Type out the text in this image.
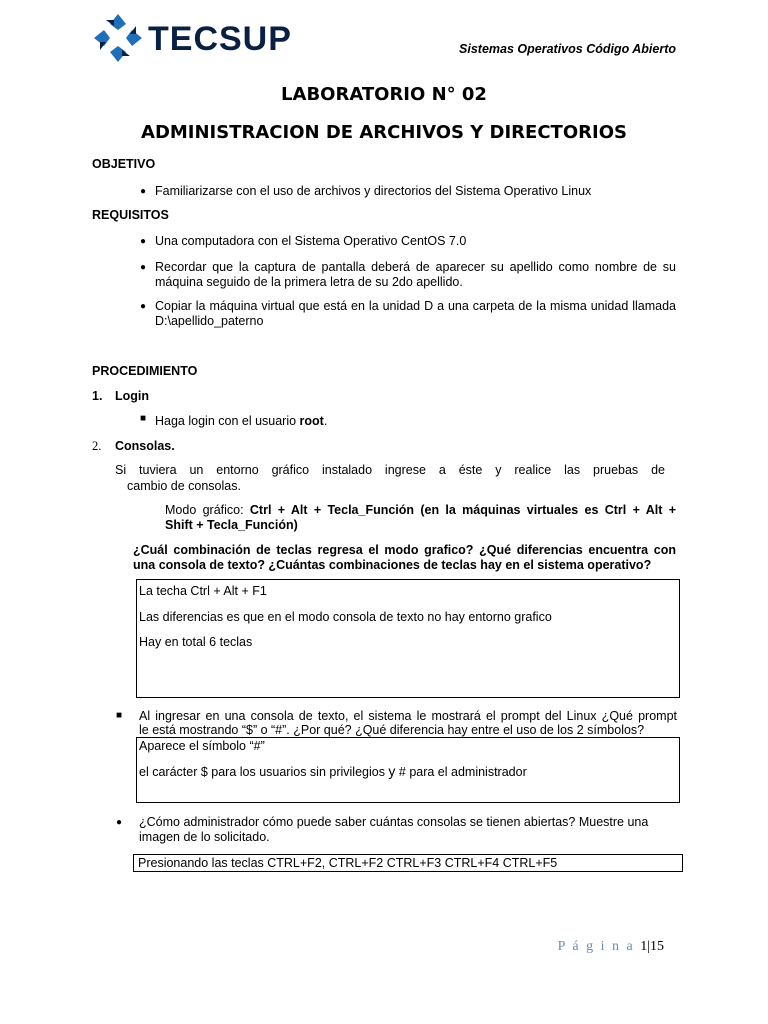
TECSUP	Sistemas Operativos Código Abierto
LABORATORIO N° 02
ADMINISTRACION DE ARCHIVOS Y DIRECTORIOS
OBJETIVO
● Familiarizarse con el uso de archivos y directorios del Sistema Operativo Linux
REQUISITOS
● Una computadora con el Sistema Operativo CentOS 7.0
● Recordar que la captura de pantalla deberá de aparecer su apellido como nombre de su máquina seguido de la primera letra de su 2do apellido.
● Copiar la máquina virtual que está en la unidad D a una carpeta de la misma unidad llamada D:\apellido_paterno
PROCEDIMIENTO
1. Login
■ Haga login con el usuario root.
2. Consolas.
Si tuviera un entorno gráfico instalado ingrese a éste y realice las pruebas de
cambio de consolas.
Modo gráfico: Ctrl + Alt + Tecla_Función (en la máquinas virtuales es Ctrl + Alt +
Shift + Tecla_Función)
¿Cuál combinación de teclas regresa el modo grafico? ¿Qué diferencias encuentra con
una consola de texto? ¿Cuántas combinaciones de teclas hay en el sistema operativo?
La techa Ctrl + Alt + F1
Las diferencias es que en el modo consola de texto no hay entorno grafico
Hay en total 6 teclas
■ Al ingresar en una consola de texto, el sistema le mostrará el prompt del Linux ¿Qué prompt
le está mostrando “$” o “#”. ¿Por qué? ¿Qué diferencia hay entre el uso de los 2 símbolos?
Aparece el símbolo “#”
el carácter $ para los usuarios sin privilegios y # para el administrador
● ¿Cómo administrador cómo puede saber cuántas consolas se tienen abiertas? Muestre una
imagen de lo solicitado.
Presionando las teclas CTRL+F2, CTRL+F2 CTRL+F3 CTRL+F4 CTRL+F5
P á g i n a 1|15
